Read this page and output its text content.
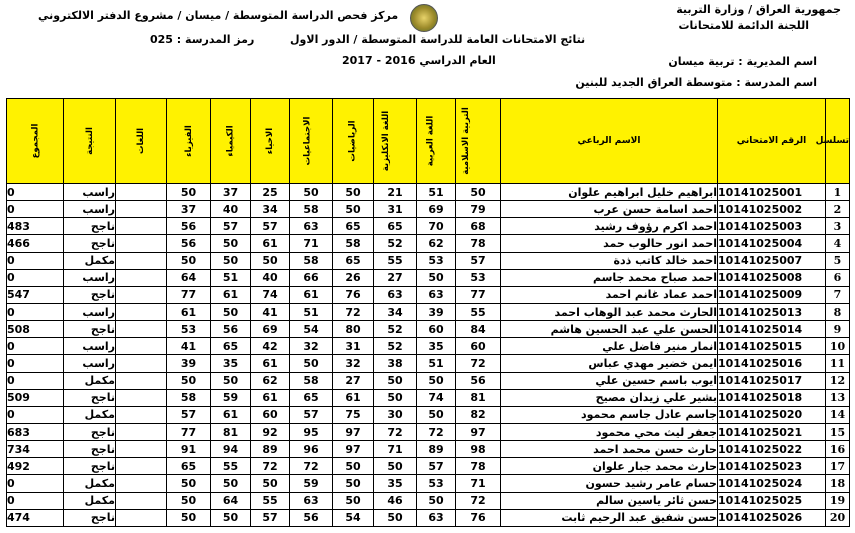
جمهورية العراق / وزارة التربية
اللجنة الدائمة للامتحانات
نتائج الامتحانات العامة للدراسة المتوسطة / الدور الاول
العام الدراسي 2016 - 2017
مركز فحص الدراسة المتوسطة / ميسان / مشروع الدفتر الالكتروني
رمز المدرسة : 025
اسم المديرية : تربية ميسان
اسم المدرسة : متوسطة العراق الجديد للبنين
تسلسل	الرقم الامتحاني	الاسم الرباعي	التربية الاسلامية	اللغة العربية	اللغة الانكليزية	الرياضيات	الاجتماعيات	الاحياء	الكيمياء	الفيزياء	اللغات	النتيجة	المجموع
1	10141025001	ابراهيم خليل ابراهيم علوان	50	51	21	50	50	25	37	50		راسب	0
2	10141025002	احمد اسامة حسن عرب	79	69	31	50	58	34	40	37		راسب	0
3	10141025003	احمد اكرم رؤوف رشيد	68	70	65	65	63	57	57	56		ناجح	483
4	10141025004	احمد انور حالوب حمد	78	62	52	58	71	61	50	56		ناجح	466
5	10141025007	احمد خالد كاتب ذدة	57	53	55	65	58	50	50	50		مكمل	0
6	10141025008	احمد صباح محمد جاسم	53	50	27	26	66	40	51	64		راسب	0
7	10141025009	احمد عماد غانم احمد	77	63	63	76	61	74	61	77		ناجح	547
8	10141025013	الحارث محمد عبد الوهاب احمد	55	39	34	72	51	41	50	61		راسب	0
9	10141025014	الحسن علي عبد الحسين هاشم	84	60	52	80	54	69	56	53		ناجح	508
10	10141025015	انمار منير فاضل علي	60	35	52	31	32	42	65	41		راسب	0
11	10141025016	ايمن خضير مهدي عباس	72	51	38	32	50	61	35	39		راسب	0
12	10141025017	ايوب باسم حسين علي	56	50	50	27	58	62	50	50		مكمل	0
13	10141025018	بشير علي زيدان مصيح	81	74	50	61	65	61	59	58		ناجح	509
14	10141025020	جاسم عادل جاسم محمود	82	50	30	75	57	60	61	57		مكمل	0
15	10141025021	جعفر ليث محي محمود	97	72	72	97	95	92	81	77		ناجح	683
16	10141025022	حارث حسن محمد احمد	98	89	71	97	96	89	94	91		ناجح	734
17	10141025023	حارث محمد جبار علوان	78	57	50	50	72	72	55	65		ناجح	492
18	10141025024	حسام عامر رشيد حسون	71	53	35	50	59	50	50	50		مكمل	0
19	10141025025	حسن ثائر ياسين سالم	72	50	46	50	63	55	64	50		مكمل	0
20	10141025026	حسن شفيق عبد الرحيم ثابت	76	63	50	54	56	57	50	50		ناجح	474
